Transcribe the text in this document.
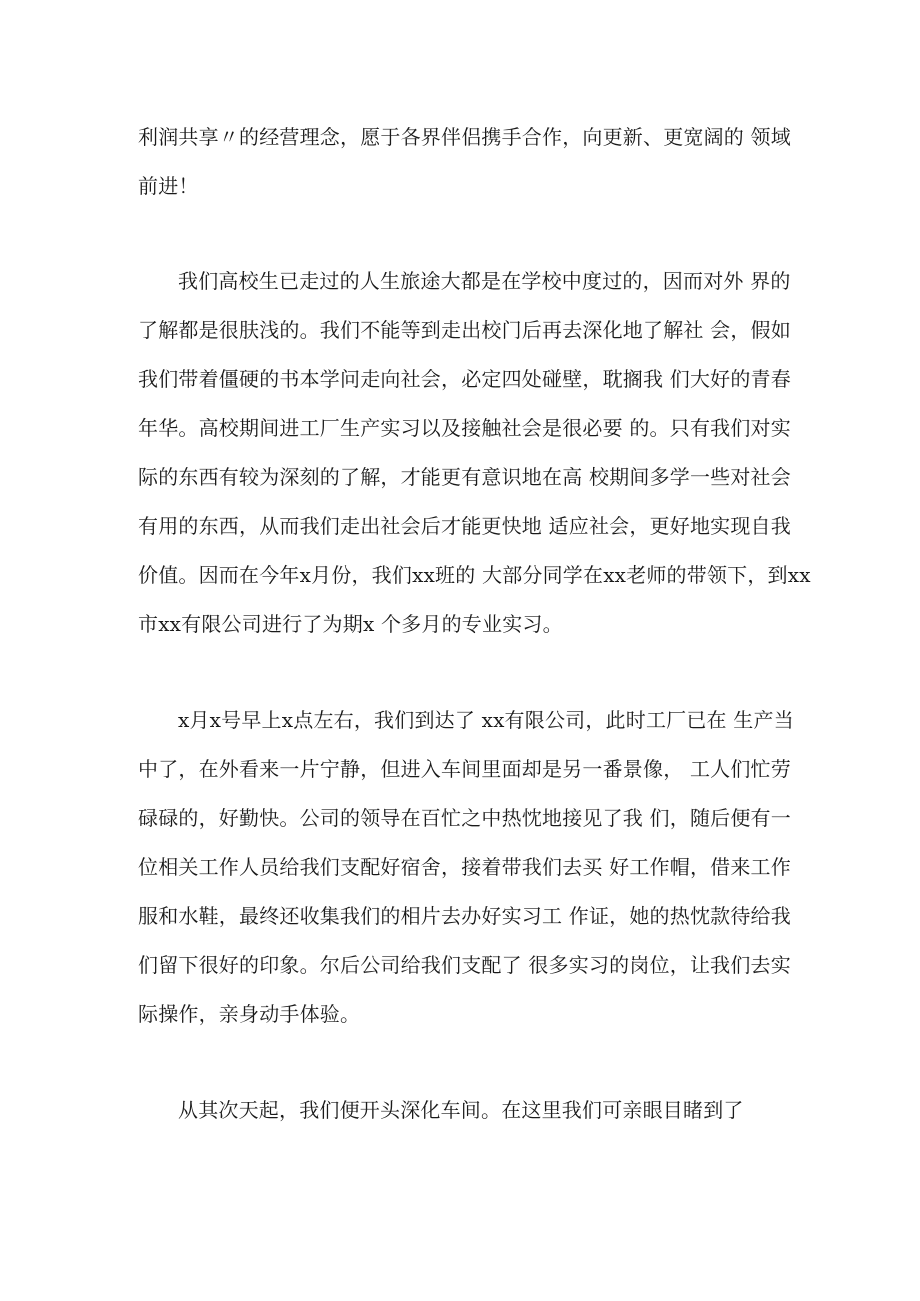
利润共享〃的经营理念，愿于各界伴侣携手合作，向更新、更宽阔的 领域
前进！
我们高校生已走过的人生旅途大都是在学校中度过的，因而对外 界的
了解都是很肤浅的。我们不能等到走出校门后再去深化地了解社 会，假如
我们带着僵硬的书本学问走向社会，必定四处碰壁，耽搁我 们大好的青春
年华。高校期间进工厂生产实习以及接触社会是很必要 的。只有我们对实
际的东西有较为深刻的了解，才能更有意识地在高 校期间多学一些对社会
有用的东西，从而我们走出社会后才能更快地 适应社会，更好地实现自我
价值。因而在今年x月份，我们xx班的 大部分同学在xx老师的带领下，到xx
市xx有限公司进行了为期x 个多月的专业实习。
x月x号早上x点左右，我们到达了 xx有限公司，此时工厂已在 生产当
中了，在外看来一片宁静，但进入车间里面却是另一番景像， 工人们忙劳
碌碌的，好勤快。公司的领导在百忙之中热忱地接见了我 们，随后便有一
位相关工作人员给我们支配好宿舍，接着带我们去买 好工作帽，借来工作
服和水鞋，最终还收集我们的相片去办好实习工 作证，她的热忱款待给我
们留下很好的印象。尔后公司给我们支配了 很多实习的岗位，让我们去实
际操作，亲身动手体验。
从其次天起，我们便开头深化车间。在这里我们可亲眼目睹到了
